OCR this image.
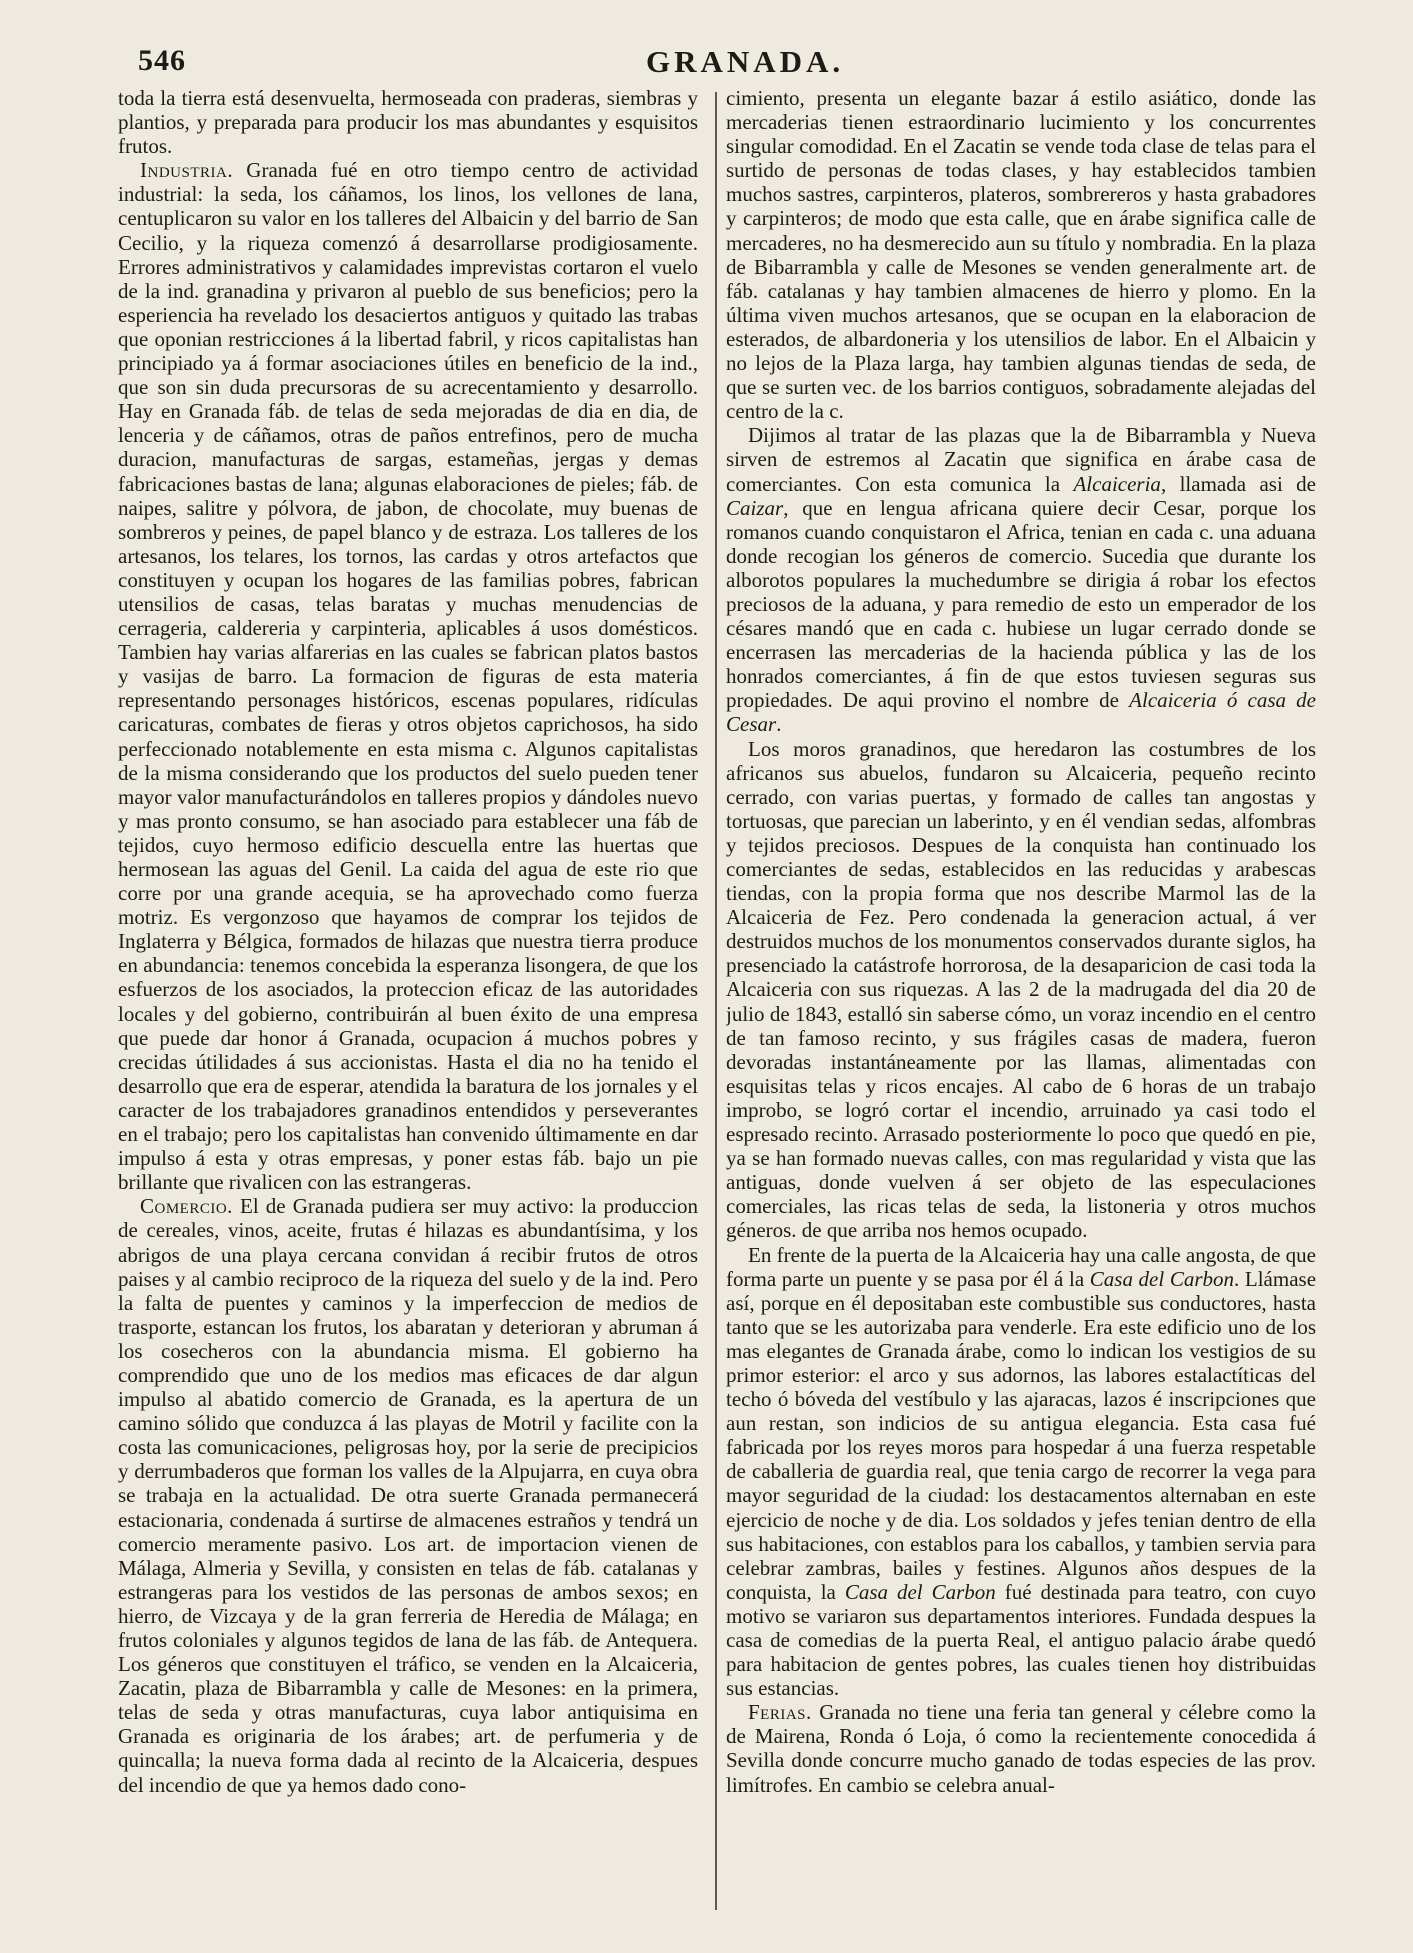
546	GRANADA.

toda la tierra está desenvuelta, hermoseada con praderas, siembras y plantios, y preparada para producir los mas abundantes y esquisitos frutos.

Industria. Granada fué en otro tiempo centro de actividad industrial: la seda, los cáñamos, los linos, los vellones de lana, centuplicaron su valor en los talleres del Albaicin y del barrio de San Cecilio, y la riqueza comenzó á desarrollarse prodigiosamente. Errores administrativos y calamidades imprevistas cortaron el vuelo de la ind. granadina y privaron al pueblo de sus beneficios; pero la esperiencia ha revelado los desaciertos antiguos y quitado las trabas que oponian restricciones á la libertad fabril, y ricos capitalistas han principiado ya á formar asociaciones útiles en beneficio de la ind., que son sin duda precursoras de su acrecentamiento y desarrollo. Hay en Granada fáb. de telas de seda mejoradas de dia en dia, de lenceria y de cáñamos, otras de paños entrefinos, pero de mucha duracion, manufacturas de sargas, estameñas, jergas y demas fabricaciones bastas de lana; algunas elaboraciones de pieles; fáb. de naipes, salitre y pólvora, de jabon, de chocolate, muy buenas de sombreros y peines, de papel blanco y de estraza. Los talleres de los artesanos, los telares, los tornos, las cardas y otros artefactos que constituyen y ocupan los hogares de las familias pobres, fabrican utensilios de casas, telas baratas y muchas menudencias de cerrageria, caldereria y carpinteria, aplicables á usos domésticos. Tambien hay varias alfarerias en las cuales se fabrican platos bastos y vasijas de barro. La formacion de figuras de esta materia representando personages históricos, escenas populares, ridículas caricaturas, combates de fieras y otros objetos caprichosos, ha sido perfeccionado notablemente en esta misma c. Algunos capitalistas de la misma considerando que los productos del suelo pueden tener mayor valor manufacturándolos en talleres propios y dándoles nuevo y mas pronto consumo, se han asociado para establecer una fáb de tejidos, cuyo hermoso edificio descuella entre las huertas que hermosean las aguas del Genil. La caida del agua de este rio que corre por una grande acequia, se ha aprovechado como fuerza motriz. Es vergonzoso que hayamos de comprar los tejidos de Inglaterra y Bélgica, formados de hilazas que nuestra tierra produce en abundancia: tenemos concebida la esperanza lisongera, de que los esfuerzos de los asociados, la proteccion eficaz de las autoridades locales y del gobierno, contribuirán al buen éxito de una empresa que puede dar honor á Granada, ocupacion á muchos pobres y crecidas útilidades á sus accionistas. Hasta el dia no ha tenido el desarrollo que era de esperar, atendida la baratura de los jornales y el caracter de los trabajadores granadinos entendidos y perseverantes en el trabajo; pero los capitalistas han convenido últimamente en dar impulso á esta y otras empresas, y poner estas fáb. bajo un pie brillante que rivalicen con las estrangeras.

Comercio. El de Granada pudiera ser muy activo: la produccion de cereales, vinos, aceite, frutas é hilazas es abundantísima, y los abrigos de una playa cercana convidan á recibir frutos de otros paises y al cambio reciproco de la riqueza del suelo y de la ind. Pero la falta de puentes y caminos y la imperfeccion de medios de trasporte, estancan los frutos, los abaratan y deterioran y abruman á los cosecheros con la abundancia misma. El gobierno ha comprendido que uno de los medios mas eficaces de dar algun impulso al abatido comercio de Granada, es la apertura de un camino sólido que conduzca á las playas de Motril y facilite con la costa las comunicaciones, peligrosas hoy, por la serie de precipicios y derrumbaderos que forman los valles de la Alpujarra, en cuya obra se trabaja en la actualidad. De otra suerte Granada permanecerá estacionaria, condenada á surtirse de almacenes estraños y tendrá un comercio meramente pasivo. Los art. de importacion vienen de Málaga, Almeria y Sevilla, y consisten en telas de fáb. catalanas y estrangeras para los vestidos de las personas de ambos sexos; en hierro, de Vizcaya y de la gran ferreria de Heredia de Málaga; en frutos coloniales y algunos tegidos de lana de las fáb. de Antequera. Los géneros que constituyen el tráfico, se venden en la Alcaiceria, Zacatin, plaza de Bibarrambla y calle de Mesones: en la primera, telas de seda y otras manufacturas, cuya labor antiquisima en Granada es originaria de los árabes; art. de perfumeria y de quincalla; la nueva forma dada al recinto de la Alcaiceria, despues del incendio de que ya hemos dado cono-

cimiento, presenta un elegante bazar á estilo asiático, donde las mercaderias tienen estraordinario lucimiento y los concurrentes singular comodidad. En el Zacatin se vende toda clase de telas para el surtido de personas de todas clases, y hay establecidos tambien muchos sastres, carpinteros, plateros, sombrereros y hasta grabadores y carpinteros; de modo que esta calle, que en árabe significa calle de mercaderes, no ha desmerecido aun su título y nombradia. En la plaza de Bibarrambla y calle de Mesones se venden generalmente art. de fáb. catalanas y hay tambien almacenes de hierro y plomo. En la última viven muchos artesanos, que se ocupan en la elaboracion de esterados, de albardoneria y los utensilios de labor. En el Albaicin y no lejos de la Plaza larga, hay tambien algunas tiendas de seda, de que se surten vec. de los barrios contiguos, sobradamente alejadas del centro de la c.

Dijimos al tratar de las plazas que la de Bibarrambla y Nueva sirven de estremos al Zacatin que significa en árabe casa de comerciantes. Con esta comunica la Alcaiceria, llamada asi de Caizar, que en lengua africana quiere decir Cesar, porque los romanos cuando conquistaron el Africa, tenian en cada c. una aduana donde recogian los géneros de comercio. Sucedia que durante los alborotos populares la muchedumbre se dirigia á robar los efectos preciosos de la aduana, y para remedio de esto un emperador de los césares mandó que en cada c. hubiese un lugar cerrado donde se encerrasen las mercaderias de la hacienda pública y las de los honrados comerciantes, á fin de que estos tuviesen seguras sus propiedades. De aqui provino el nombre de Alcaiceria ó casa de Cesar.

Los moros granadinos, que heredaron las costumbres de los africanos sus abuelos, fundaron su Alcaiceria, pequeño recinto cerrado, con varias puertas, y formado de calles tan angostas y tortuosas, que parecian un laberinto, y en él vendian sedas, alfombras y tejidos preciosos. Despues de la conquista han continuado los comerciantes de sedas, establecidos en las reducidas y arabescas tiendas, con la propia forma que nos describe Marmol las de la Alcaiceria de Fez. Pero condenada la generacion actual, á ver destruidos muchos de los monumentos conservados durante siglos, ha presenciado la catástrofe horrorosa, de la desaparicion de casi toda la Alcaiceria con sus riquezas. A las 2 de la madrugada del dia 20 de julio de 1843, estalló sin saberse cómo, un voraz incendio en el centro de tan famoso recinto, y sus frágiles casas de madera, fueron devoradas instantáneamente por las llamas, alimentadas con esquisitas telas y ricos encajes. Al cabo de 6 horas de un trabajo improbo, se logró cortar el incendio, arruinado ya casi todo el espresado recinto. Arrasado posteriormente lo poco que quedó en pie, ya se han formado nuevas calles, con mas regularidad y vista que las antiguas, donde vuelven á ser objeto de las especulaciones comerciales, las ricas telas de seda, la listoneria y otros muchos géneros. de que arriba nos hemos ocupado.

En frente de la puerta de la Alcaiceria hay una calle angosta, de que forma parte un puente y se pasa por él á la Casa del Carbon. Llámase así, porque en él depositaban este combustible sus conductores, hasta tanto que se les autorizaba para venderle. Era este edificio uno de los mas elegantes de Granada árabe, como lo indican los vestigios de su primor esterior: el arco y sus adornos, las labores estalactíticas del techo ó bóveda del vestíbulo y las ajaracas, lazos é inscripciones que aun restan, son indicios de su antigua elegancia. Esta casa fué fabricada por los reyes moros para hospedar á una fuerza respetable de caballeria de guardia real, que tenia cargo de recorrer la vega para mayor seguridad de la ciudad: los destacamentos alternaban en este ejercicio de noche y de dia. Los soldados y jefes tenian dentro de ella sus habitaciones, con establos para los caballos, y tambien servia para celebrar zambras, bailes y festines. Algunos años despues de la conquista, la Casa del Carbon fué destinada para teatro, con cuyo motivo se variaron sus departamentos interiores. Fundada despues la casa de comedias de la puerta Real, el antiguo palacio árabe quedó para habitacion de gentes pobres, las cuales tienen hoy distribuidas sus estancias.

Ferias. Granada no tiene una feria tan general y célebre como la de Mairena, Ronda ó Loja, ó como la recientemente conocedida á Sevilla donde concurre mucho ganado de todas especies de las prov. limítrofes. En cambio se celebra anual-
